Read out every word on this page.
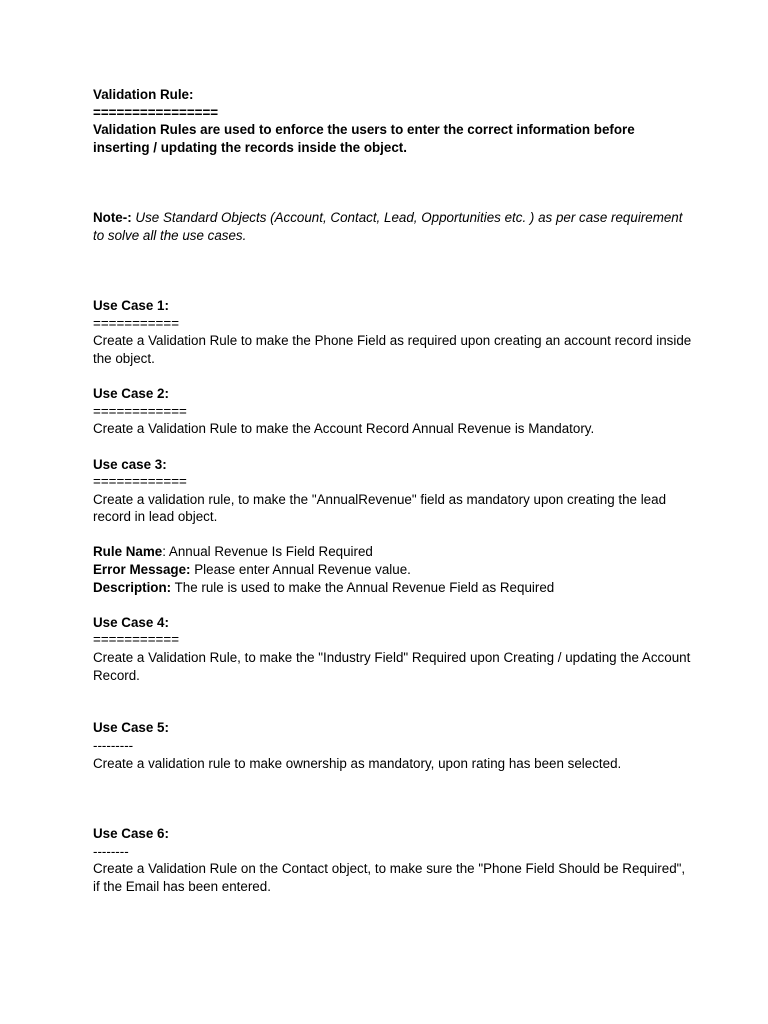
Validation Rule:
================
Validation Rules are used to enforce the users to enter the correct information before inserting / updating the records inside the object.
Note-: Use Standard Objects (Account, Contact, Lead, Opportunities etc. ) as per case requirement to solve all the use cases.
Use Case 1:
===========
Create a Validation Rule to make the Phone Field as required upon creating an account record inside the object.
Use Case 2:
============
Create a Validation Rule to make the Account Record Annual Revenue is Mandatory.
Use case 3:
============
Create a validation rule, to make the "AnnualRevenue" field as mandatory upon creating the lead record in lead object.
Rule Name: Annual Revenue Is Field Required
Error Message: Please enter Annual Revenue value.
Description: The rule is used to make the Annual Revenue Field as Required
Use Case 4:
===========
Create a Validation Rule, to make the "Industry Field" Required upon Creating / updating the Account Record.
Use Case 5:
---------
Create a validation rule to make ownership as mandatory, upon rating has been selected.
Use Case 6:
--------
Create a Validation Rule on the Contact object, to make sure the "Phone Field Should be Required", if the Email has been entered.
